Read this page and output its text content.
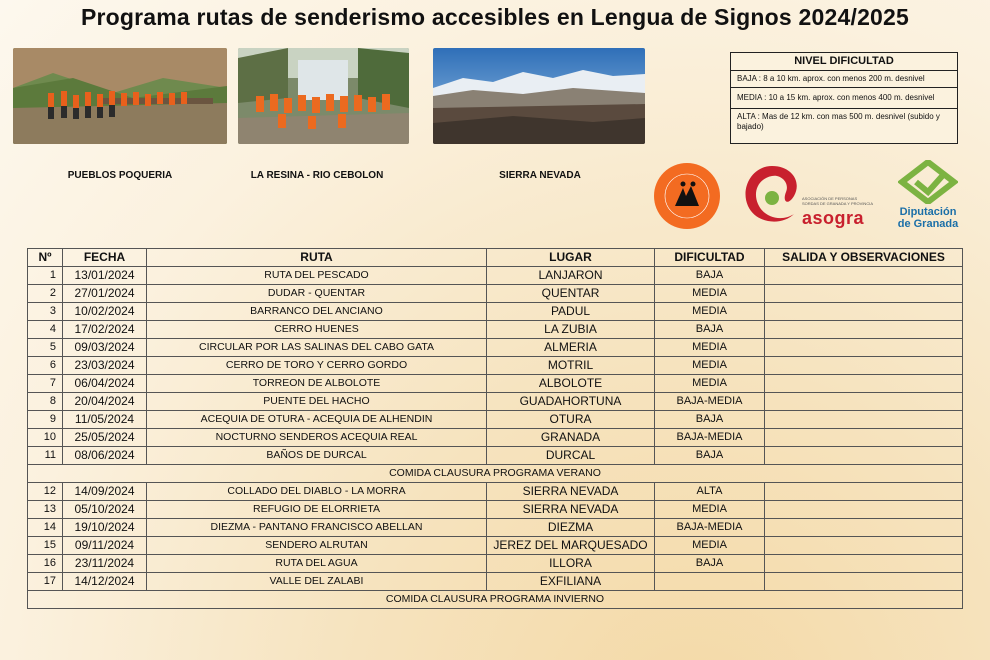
Programa rutas de senderismo accesibles en Lengua de Signos 2024/2025
PUEBLOS POQUERIA	LA RESINA - RIO CEBOLON	SIERRA NEVADA
NIVEL DIFICULTAD
BAJA : 8 a 10 km. aprox. con menos 200 m. desnivel
MEDIA : 10 a 15 km. aprox. con menos 400 m. desnivel
ALTA : Mas de 12 km. con mas 500 m. desnivel (subido y bajado)
ASOCIACIÓN DE PERSONAS SORDAS DE GRANADA Y PROVINCIA
asogra	Diputación
de Granada
Nº	FECHA	RUTA	LUGAR	DIFICULTAD	SALIDA Y OBSERVACIONES
1	13/01/2024	RUTA DEL PESCADO	LANJARON	BAJA	
2	27/01/2024	DUDAR - QUENTAR	QUENTAR	MEDIA	
3	10/02/2024	BARRANCO DEL ANCIANO	PADUL	MEDIA	
4	17/02/2024	CERRO HUENES	LA ZUBIA	BAJA	
5	09/03/2024	CIRCULAR POR LAS SALINAS DEL CABO GATA	ALMERIA	MEDIA	
6	23/03/2024	CERRO DE TORO Y CERRO GORDO	MOTRIL	MEDIA	
7	06/04/2024	TORREON DE ALBOLOTE	ALBOLOTE	MEDIA	
8	20/04/2024	PUENTE DEL HACHO	GUADAHORTUNA	BAJA-MEDIA	
9	11/05/2024	ACEQUIA DE OTURA - ACEQUIA DE ALHENDIN	OTURA	BAJA	
10	25/05/2024	NOCTURNO SENDEROS ACEQUIA REAL	GRANADA	BAJA-MEDIA	
11	08/06/2024	BAÑOS DE DURCAL	DURCAL	BAJA	
COMIDA CLAUSURA PROGRAMA VERANO					
12	14/09/2024	COLLADO DEL DIABLO - LA MORRA	SIERRA NEVADA	ALTA	
13	05/10/2024	REFUGIO DE ELORRIETA	SIERRA NEVADA	MEDIA	
14	19/10/2024	DIEZMA - PANTANO FRANCISCO ABELLAN	DIEZMA	BAJA-MEDIA	
15	09/11/2024	SENDERO ALRUTAN	JEREZ DEL MARQUESADO	MEDIA	
16	23/11/2024	RUTA DEL AGUA	ILLORA	BAJA	
17	14/12/2024	VALLE DEL ZALABI	EXFILIANA		
COMIDA CLAUSURA PROGRAMA INVIERNO					
